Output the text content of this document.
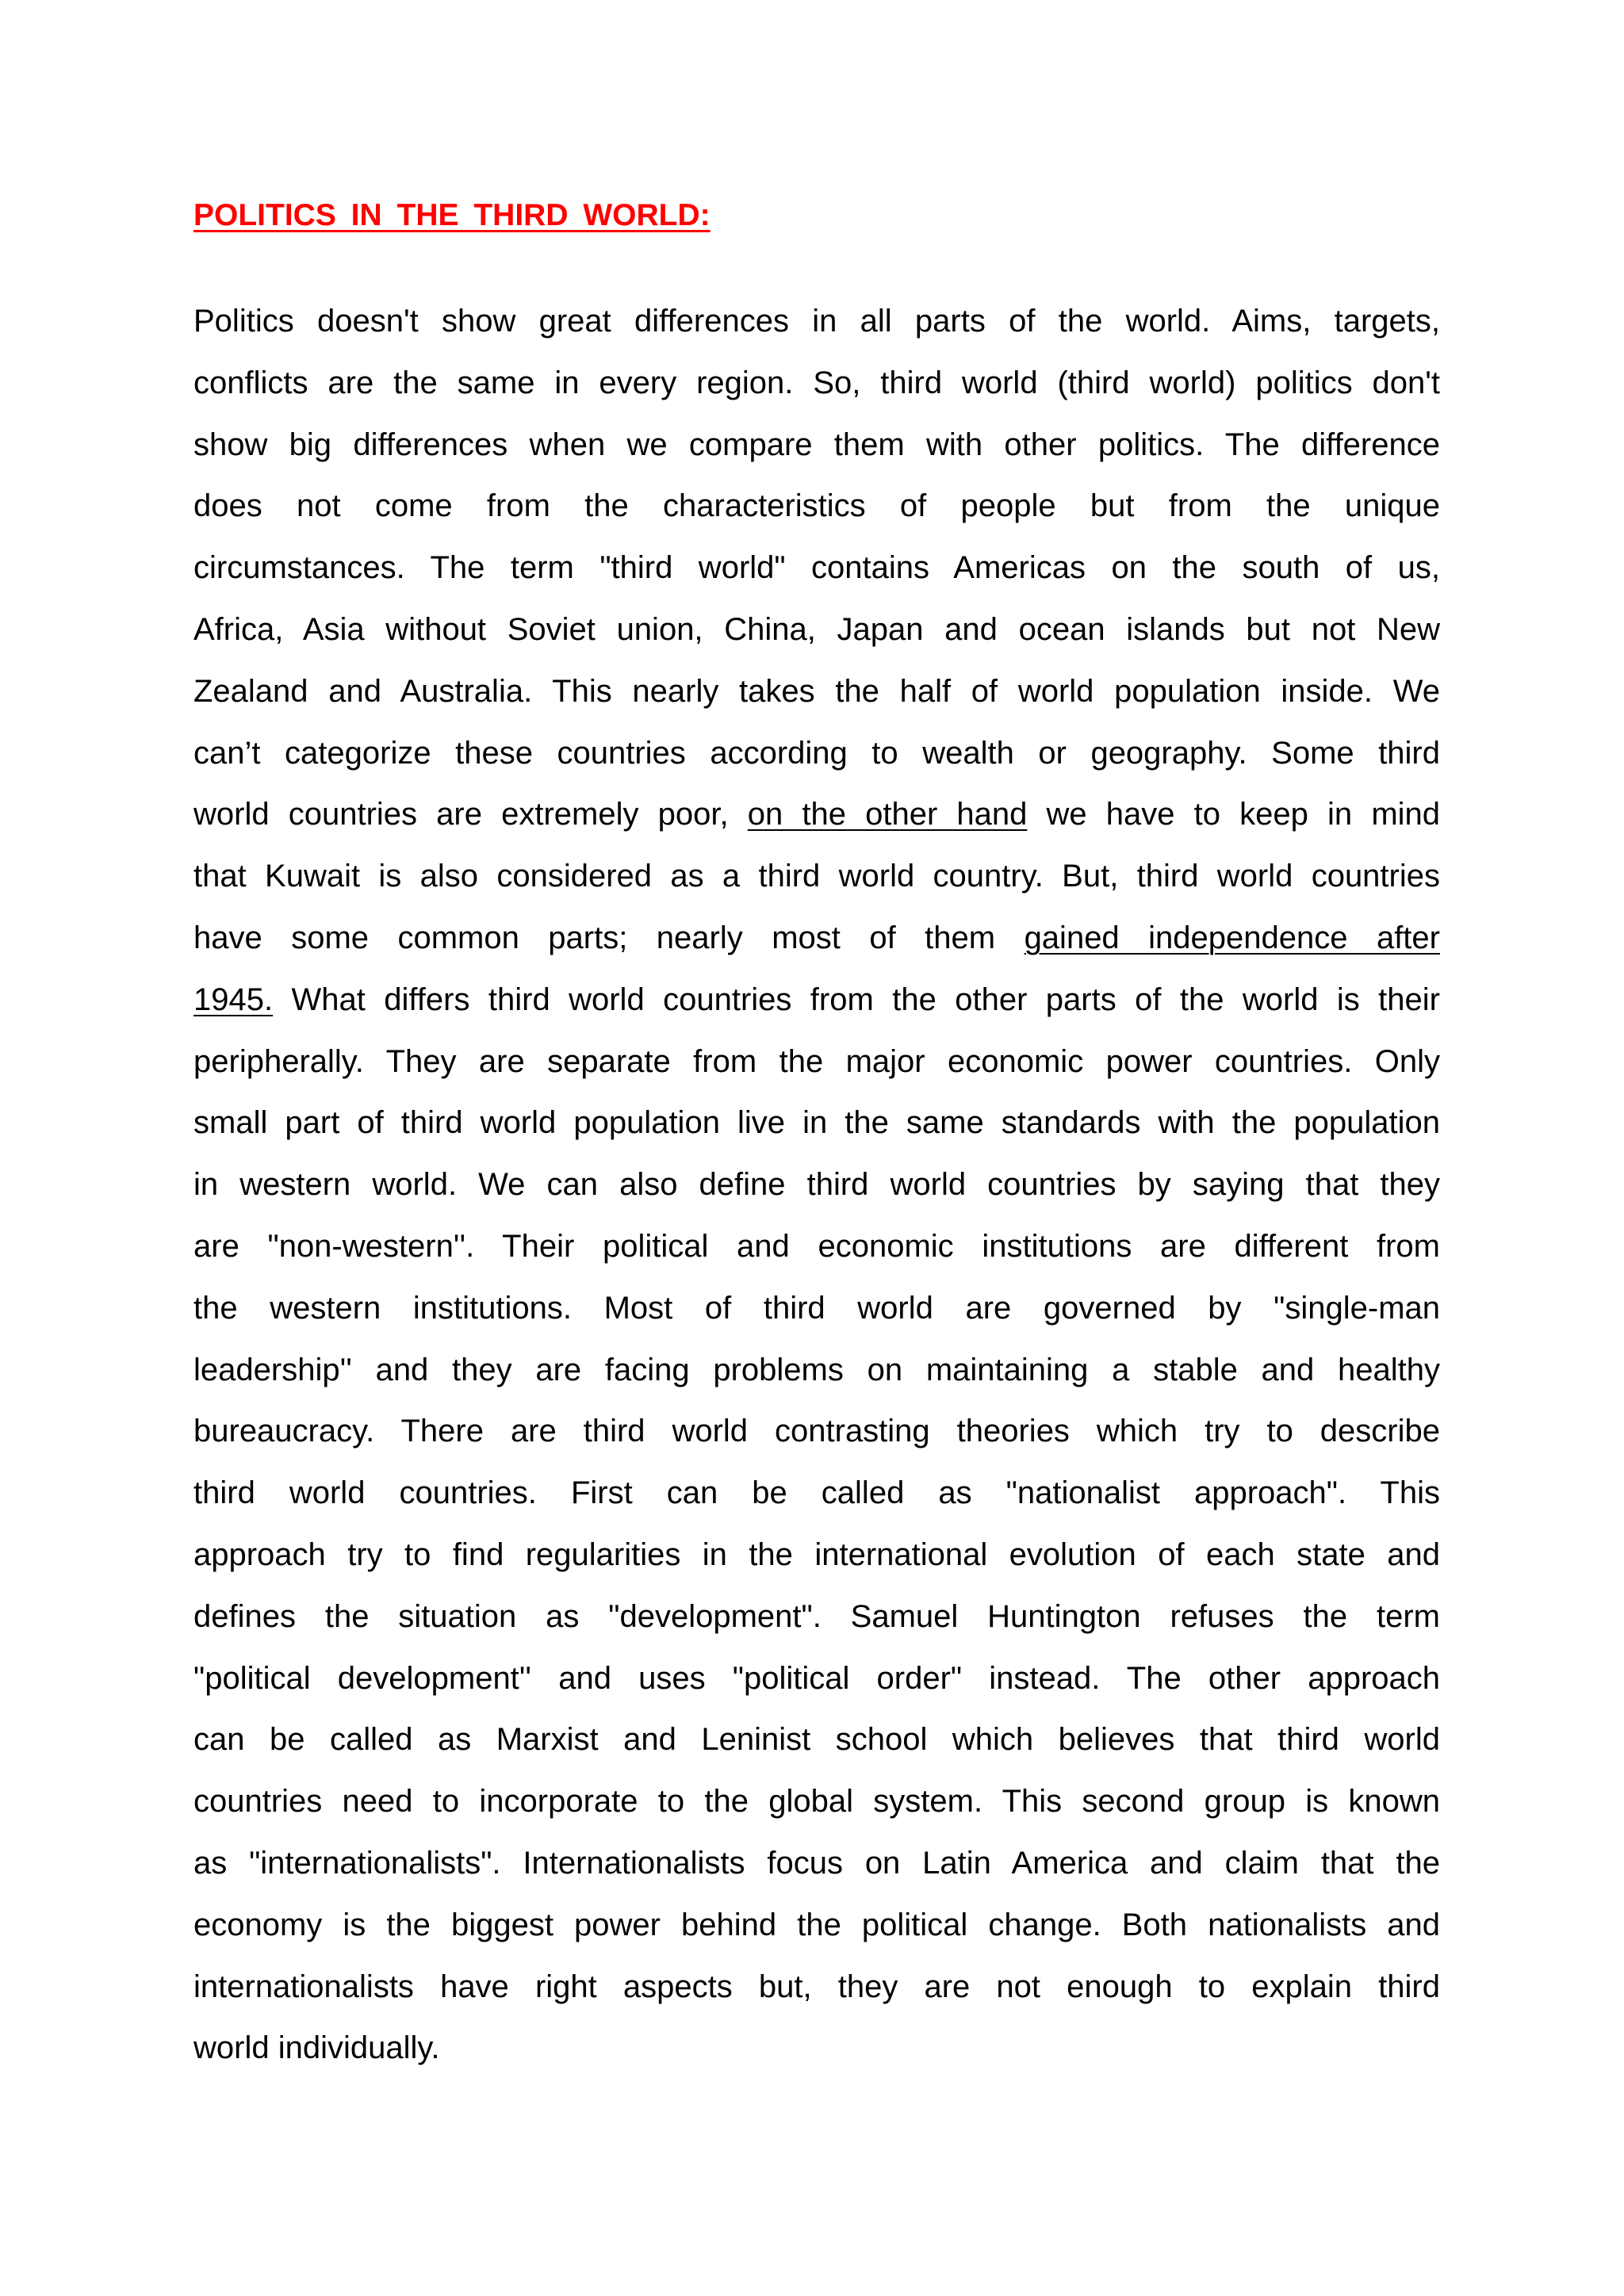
POLITICS IN THE THIRD WORLD:
Politics doesn't show great differences in all parts of the world. Aims, targets,
conflicts are the same in every region. So, third world (third world) politics don't
show big differences when we compare them with other politics. The difference
does not come from the characteristics of people but from the unique
circumstances. The term "third world" contains Americas on the south of us,
Africa, Asia without Soviet union, China, Japan and ocean islands but not New
Zealand and Australia. This nearly takes the half of world population inside. We
can’t categorize these countries according to wealth or geography. Some third
world countries are extremely poor, on the other hand we have to keep in mind
that Kuwait is also considered as a third world country. But, third world countries
have some common parts; nearly most of them gained independence after
1945. What differs third world countries from the other parts of the world is their
peripherally. They are separate from the major economic power countries. Only
small part of third world population live in the same standards with the population
in western world. We can also define third world countries by saying that they
are "non-western''. Their political and economic institutions are different from
the western institutions. Most of third world are governed by "single-man
leadership'' and they are facing problems on maintaining a stable and healthy
bureaucracy. There are third world contrasting theories which try to describe
third world countries. First can be called as "nationalist approach". This
approach try to find regularities in the international evolution of each state and
defines the situation as "development". Samuel Huntington refuses the term
"political development'' and uses "political order" instead. The other approach
can be called as Marxist and Leninist school which believes that third world
countries need to incorporate to the global system. This second group is known
as "internationalists". Internationalists focus on Latin America and claim that the
economy is the biggest power behind the political change. Both nationalists and
internationalists have right aspects but, they are not enough to explain third
world individually.
